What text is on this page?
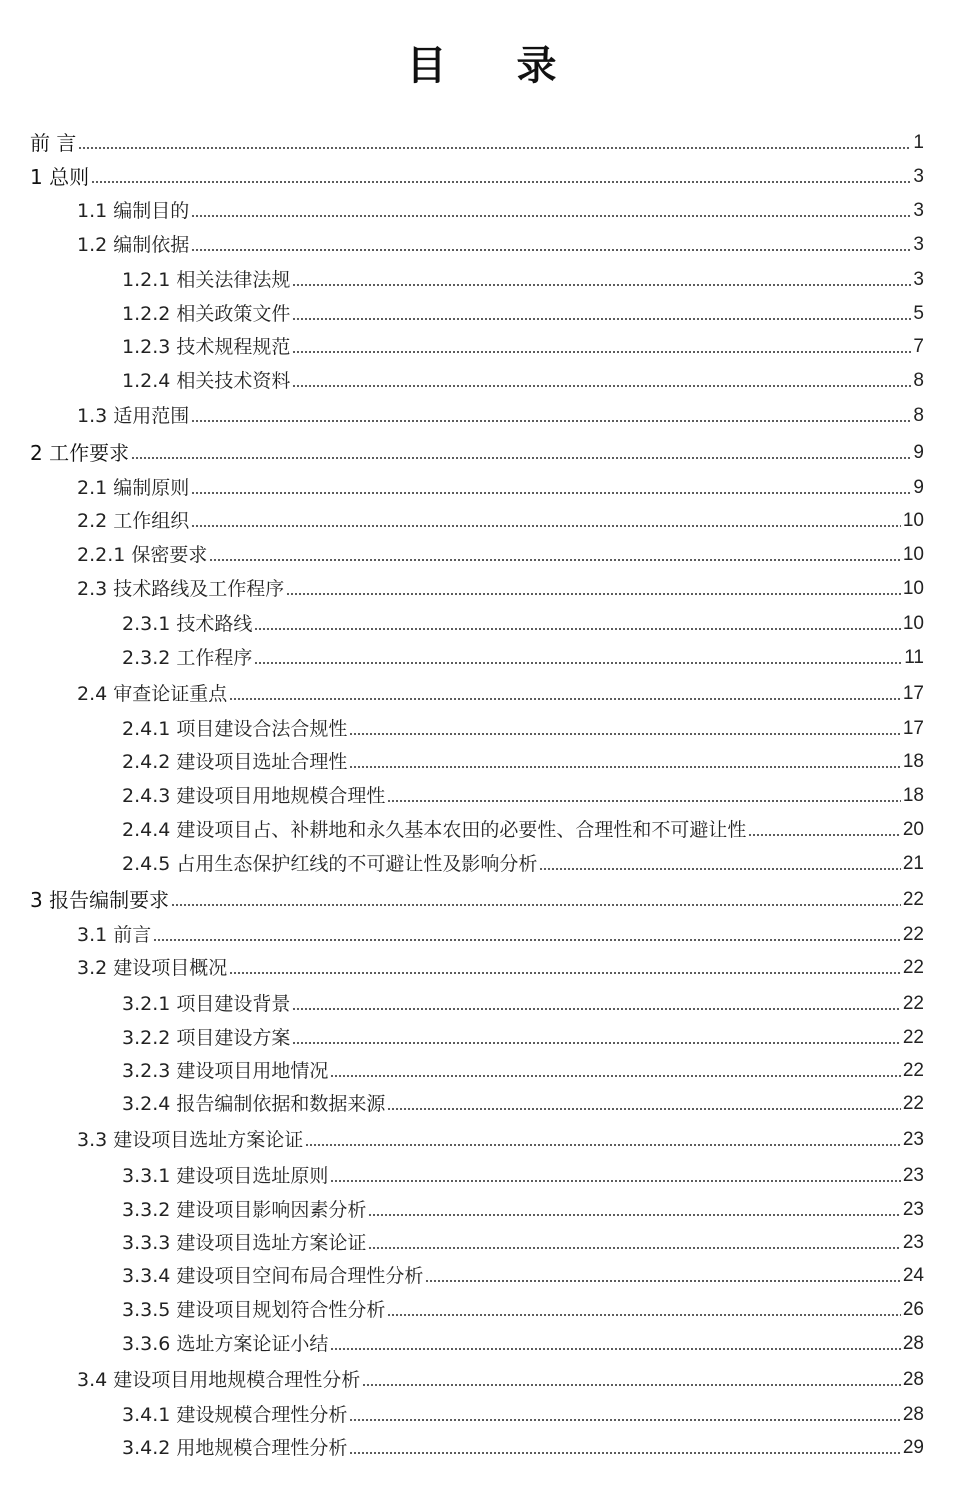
目 录
前 言	1
1 总则	3
1.1 编制目的	3
1.2 编制依据	3
1.2.1 相关法律法规	3
1.2.2 相关政策文件	5
1.2.3 技术规程规范	7
1.2.4 相关技术资料	8
1.3 适用范围	8
2 工作要求	9
2.1 编制原则	9
2.2 工作组织	10
2.2.1 保密要求	10
2.3 技术路线及工作程序	10
2.3.1 技术路线	10
2.3.2 工作程序	11
2.4 审查论证重点	17
2.4.1 项目建设合法合规性	17
2.4.2 建设项目选址合理性	18
2.4.3 建设项目用地规模合理性	18
2.4.4 建设项目占、补耕地和永久基本农田的必要性、合理性和不可避让性	20
2.4.5 占用生态保护红线的不可避让性及影响分析	21
3 报告编制要求	22
3.1 前言	22
3.2 建设项目概况	22
3.2.1 项目建设背景	22
3.2.2 项目建设方案	22
3.2.3 建设项目用地情况	22
3.2.4 报告编制依据和数据来源	22
3.3 建设项目选址方案论证	23
3.3.1 建设项目选址原则	23
3.3.2 建设项目影响因素分析	23
3.3.3 建设项目选址方案论证	23
3.3.4 建设项目空间布局合理性分析	24
3.3.5 建设项目规划符合性分析	26
3.3.6 选址方案论证小结	28
3.4 建设项目用地规模合理性分析	28
3.4.1 建设规模合理性分析	28
3.4.2 用地规模合理性分析	29
